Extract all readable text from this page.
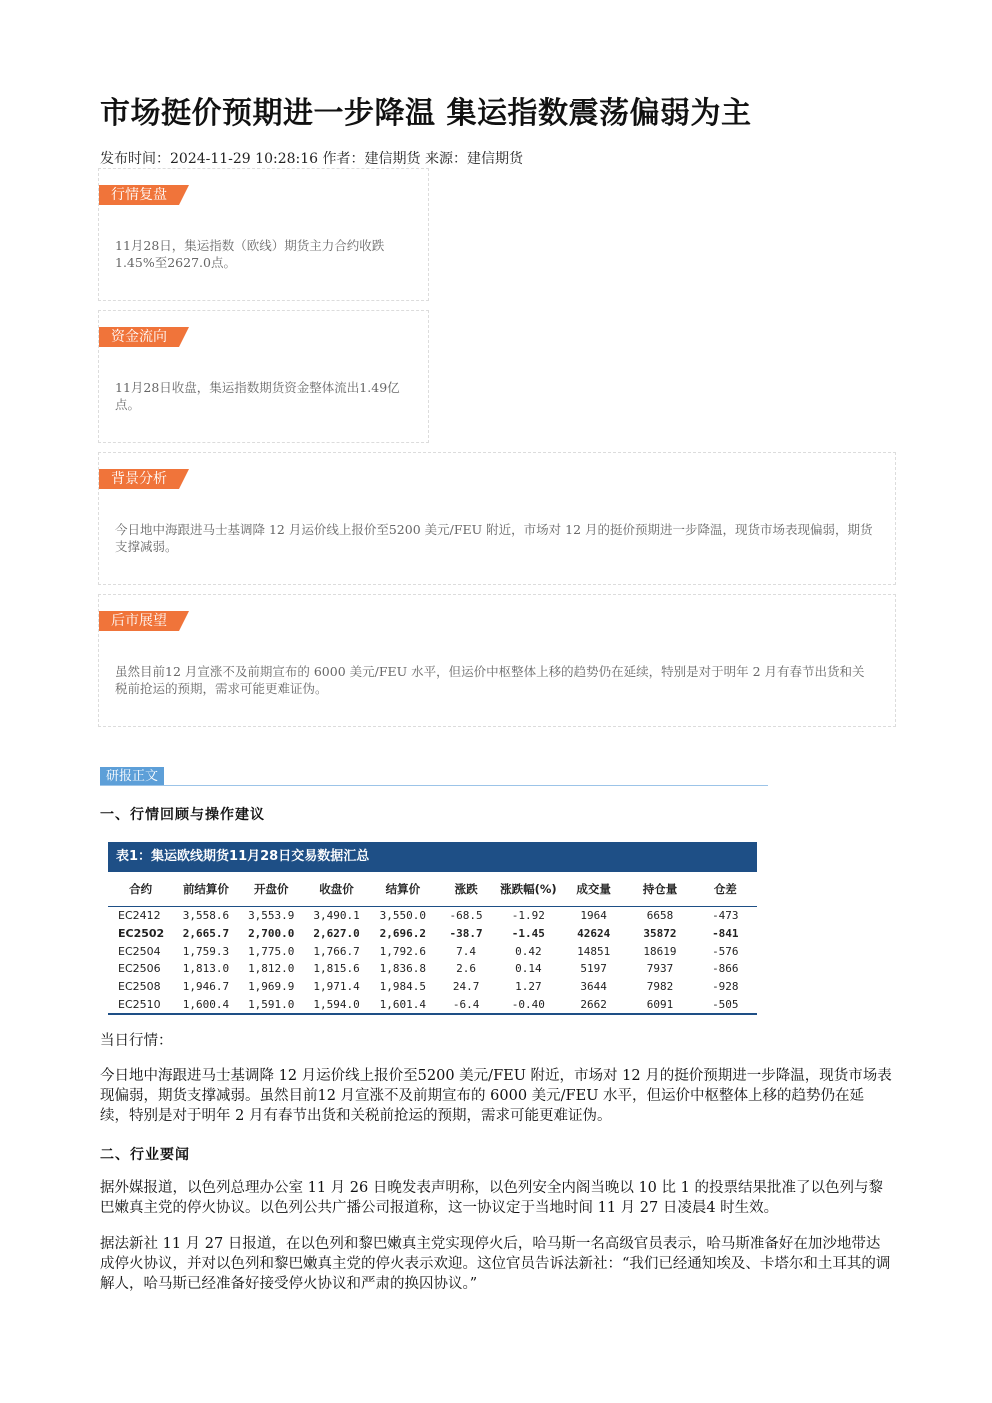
市场挺价预期进一步降温 集运指数震荡偏弱为主
发布时间：2024-11-29 10:28:16 作者：建信期货 来源：建信期货
行情复盘
11月28日，集运指数（欧线）期货主力合约收跌1.45%至2627.0点。
资金流向
11月28日收盘，集运指数期货资金整体流出1.49亿点。
背景分析
今日地中海跟进马士基调降 12 月运价线上报价至5200 美元/FEU 附近，市场对 12 月的挺价预期进一步降温，现货市场表现偏弱，期货支撑减弱。
后市展望
虽然目前12 月宣涨不及前期宣布的 6000 美元/FEU 水平，但运价中枢整体上移的趋势仍在延续，特别是对于明年 2 月有春节出货和关税前抢运的预期，需求可能更难证伪。
研报正文
一、行情回顾与操作建议
表1：集运欧线期货11月28日交易数据汇总
合约	前结算价	开盘价	收盘价	结算价	涨跌	涨跌幅(%)	成交量	持仓量	仓差
EC2412	3,558.6	3,553.9	3,490.1	3,550.0	-68.5	-1.92	1964	6658	-473
EC2502	2,665.7	2,700.0	2,627.0	2,696.2	-38.7	-1.45	42624	35872	-841
EC2504	1,759.3	1,775.0	1,766.7	1,792.6	7.4	0.42	14851	18619	-576
EC2506	1,813.0	1,812.0	1,815.6	1,836.8	2.6	0.14	5197	7937	-866
EC2508	1,946.7	1,969.9	1,971.4	1,984.5	24.7	1.27	3644	7982	-928
EC2510	1,600.4	1,591.0	1,594.0	1,601.4	-6.4	-0.40	2662	6091	-505
当日行情：
今日地中海跟进马士基调降 12 月运价线上报价至5200 美元/FEU 附近，市场对 12 月的挺价预期进一步降温，现货市场表现偏弱，期货支撑减弱。虽然目前12 月宣涨不及前期宣布的 6000 美元/FEU 水平，但运价中枢整体上移的趋势仍在延续，特别是对于明年 2 月有春节出货和关税前抢运的预期，需求可能更难证伪。
二、行业要闻
据外媒报道，以色列总理办公室 11 月 26 日晚发表声明称，以色列安全内阁当晚以 10 比 1 的投票结果批准了以色列与黎巴嫩真主党的停火协议。以色列公共广播公司报道称，这一协议定于当地时间 11 月 27 日凌晨4 时生效。
据法新社 11 月 27 日报道，在以色列和黎巴嫩真主党实现停火后，哈马斯一名高级官员表示，哈马斯准备好在加沙地带达成停火协议，并对以色列和黎巴嫩真主党的停火表示欢迎。这位官员告诉法新社：“我们已经通知埃及、卡塔尔和土耳其的调解人，哈马斯已经准备好接受停火协议和严肃的换囚协议。”
